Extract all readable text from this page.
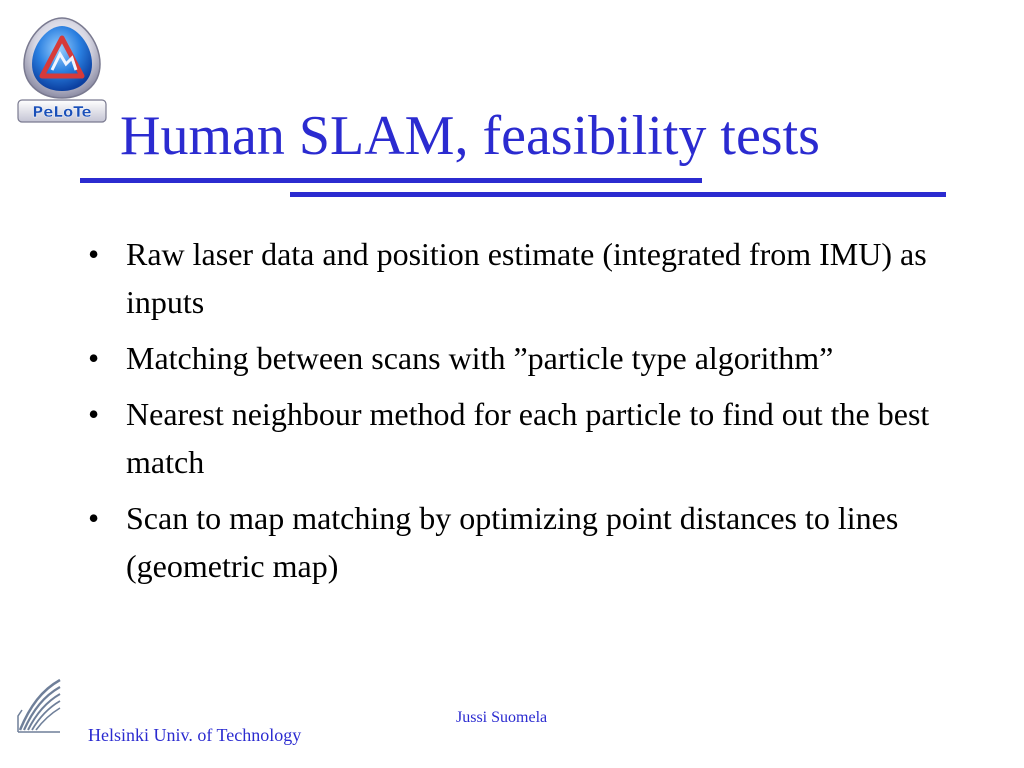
PeLoTe Human SLAM, feasibility tests
• Raw laser data and position estimate (integrated from IMU) as inputs
• Matching between scans with ”particle type algorithm”
• Nearest neighbour method for each particle to find out the best match
• Scan to map matching by optimizing point distances to lines (geometric map)
Helsinki Univ. of Technology
Jussi Suomela
